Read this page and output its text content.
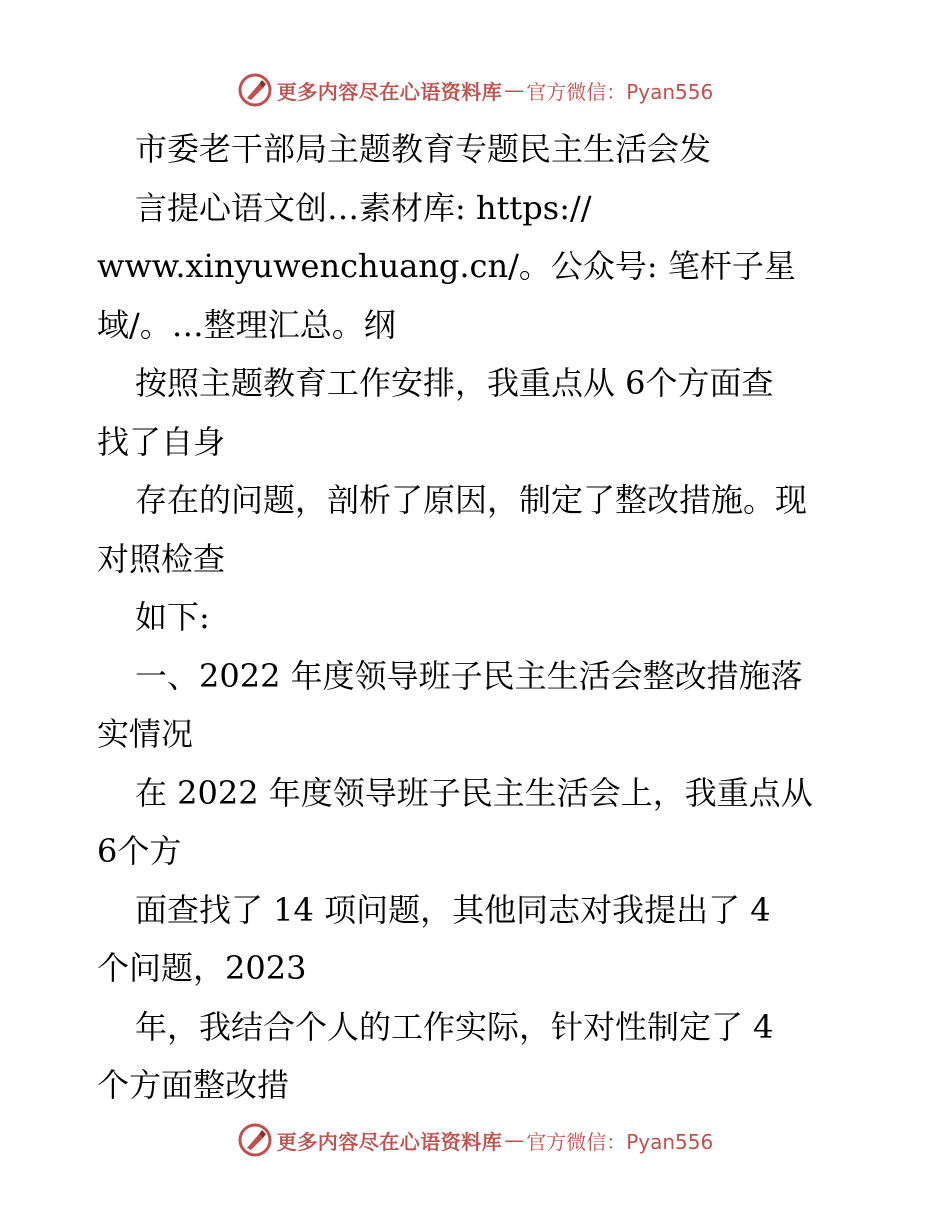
更多内容尽在心语资料库 — 官方微信：Pyan556
市委老干部局主题教育专题民主生活会发
言提心语文创…素材库: https://
www.xinyuwenchuang.cn/。公众号: 笔杆子星
域/。…整理汇总。纲
按照主题教育工作安排，我重点从 6个方面查
找了自身
存在的问题，剖析了原因，制定了整改措施。现
对照检查
如下:
一、2022 年度领导班子民主生活会整改措施落
实情况
在 2022 年度领导班子民主生活会上，我重点从
6个方
面查找了 14 项问题，其他同志对我提出了 4
个问题，2023
年，我结合个人的工作实际，针对性制定了 4
个方面整改措
更多内容尽在心语资料库 — 官方微信：Pyan556
